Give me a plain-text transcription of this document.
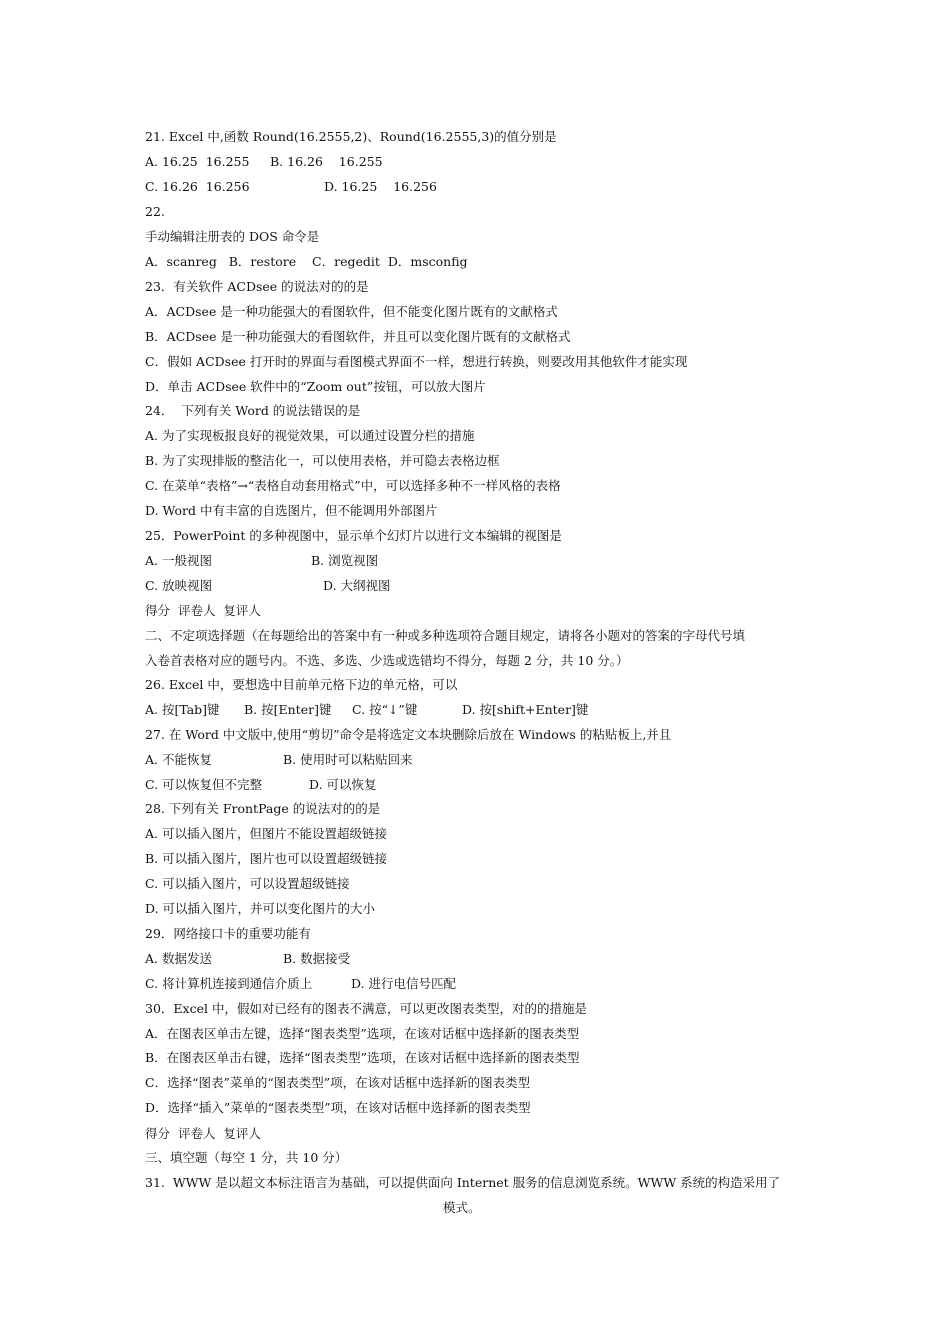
21. Excel 中,函数 Round(16.2555,2)、Round(16.2555,3)的值分别是
A. 16.25  16.255 B. 16.26    16.255
C. 16.26  16.256	D. 16.25    16.256
22.
手动编辑注册表的 DOS 命令是
A．scanreg   B．restore    C．regedit  D．msconfig
23．有关软件 ACDsee 的说法对的的是
A．ACDsee 是一种功能强大的看图软件，但不能变化图片既有的文献格式
B．ACDsee 是一种功能强大的看图软件，并且可以变化图片既有的文献格式
C．假如 ACDsee 打开时的界面与看图模式界面不一样，想进行转换，则要改用其他软件才能实现
D．单击 ACDsee 软件中的“Zoom out”按钮，可以放大图片
24．  下列有关 Word 的说法错误的是
A. 为了实现板报良好的视觉效果，可以通过设置分栏的措施
B. 为了实现排版的整洁化一，可以使用表格，并可隐去表格边框
C. 在菜单“表格”→“表格自动套用格式”中，可以选择多种不一样风格的表格
D. Word 中有丰富的自选图片，但不能调用外部图片
25．PowerPoint 的多种视图中，显示单个幻灯片以进行文本编辑的视图是
A. 一般视图	B. 浏览视图
C. 放映视图	D. 大纲视图
得分  评卷人  复评人
二、不定项选择题（在每题给出的答案中有一种或多种选项符合题目规定，请将各小题对的答案的字母代号填
入卷首表格对应的题号内。不选、多选、少选或选错均不得分，每题 2 分，共 10 分。）
26. Excel 中，要想选中目前单元格下边的单元格，可以
A. 按[Tab]键 B. 按[Enter]键 C. 按“↓”键	D. 按[shift+Enter]键
27. 在 Word 中文版中,使用“剪切”命令是将选定文本块删除后放在 Windows 的粘贴板上,并且
A. 不能恢复	B. 使用时可以粘贴回来
C. 可以恢复但不完整	D. 可以恢复
28. 下列有关 FrontPage 的说法对的的是
A. 可以插入图片，但图片不能设置超级链接
B. 可以插入图片，图片也可以设置超级链接
C. 可以插入图片，可以设置超级链接
D. 可以插入图片，并可以变化图片的大小
29．网络接口卡的重要功能有
A. 数据发送	B. 数据接受
C. 将计算机连接到通信介质上	D. 进行电信号匹配
30．Excel 中，假如对已经有的图表不满意，可以更改图表类型，对的的措施是
A．在图表区单击左键，选择“图表类型”选项，在该对话框中选择新的图表类型
B．在图表区单击右键，选择“图表类型”选项，在该对话框中选择新的图表类型
C．选择“图表”菜单的“图表类型”项，在该对话框中选择新的图表类型
D．选择“插入”菜单的“图表类型”项，在该对话框中选择新的图表类型
得分  评卷人  复评人
三、填空题（每空 1 分，共 10 分）
31.  WWW 是以超文本标注语言为基础，可以提供面向 Internet 服务的信息浏览系统。WWW 系统的构造采用了
模式。
